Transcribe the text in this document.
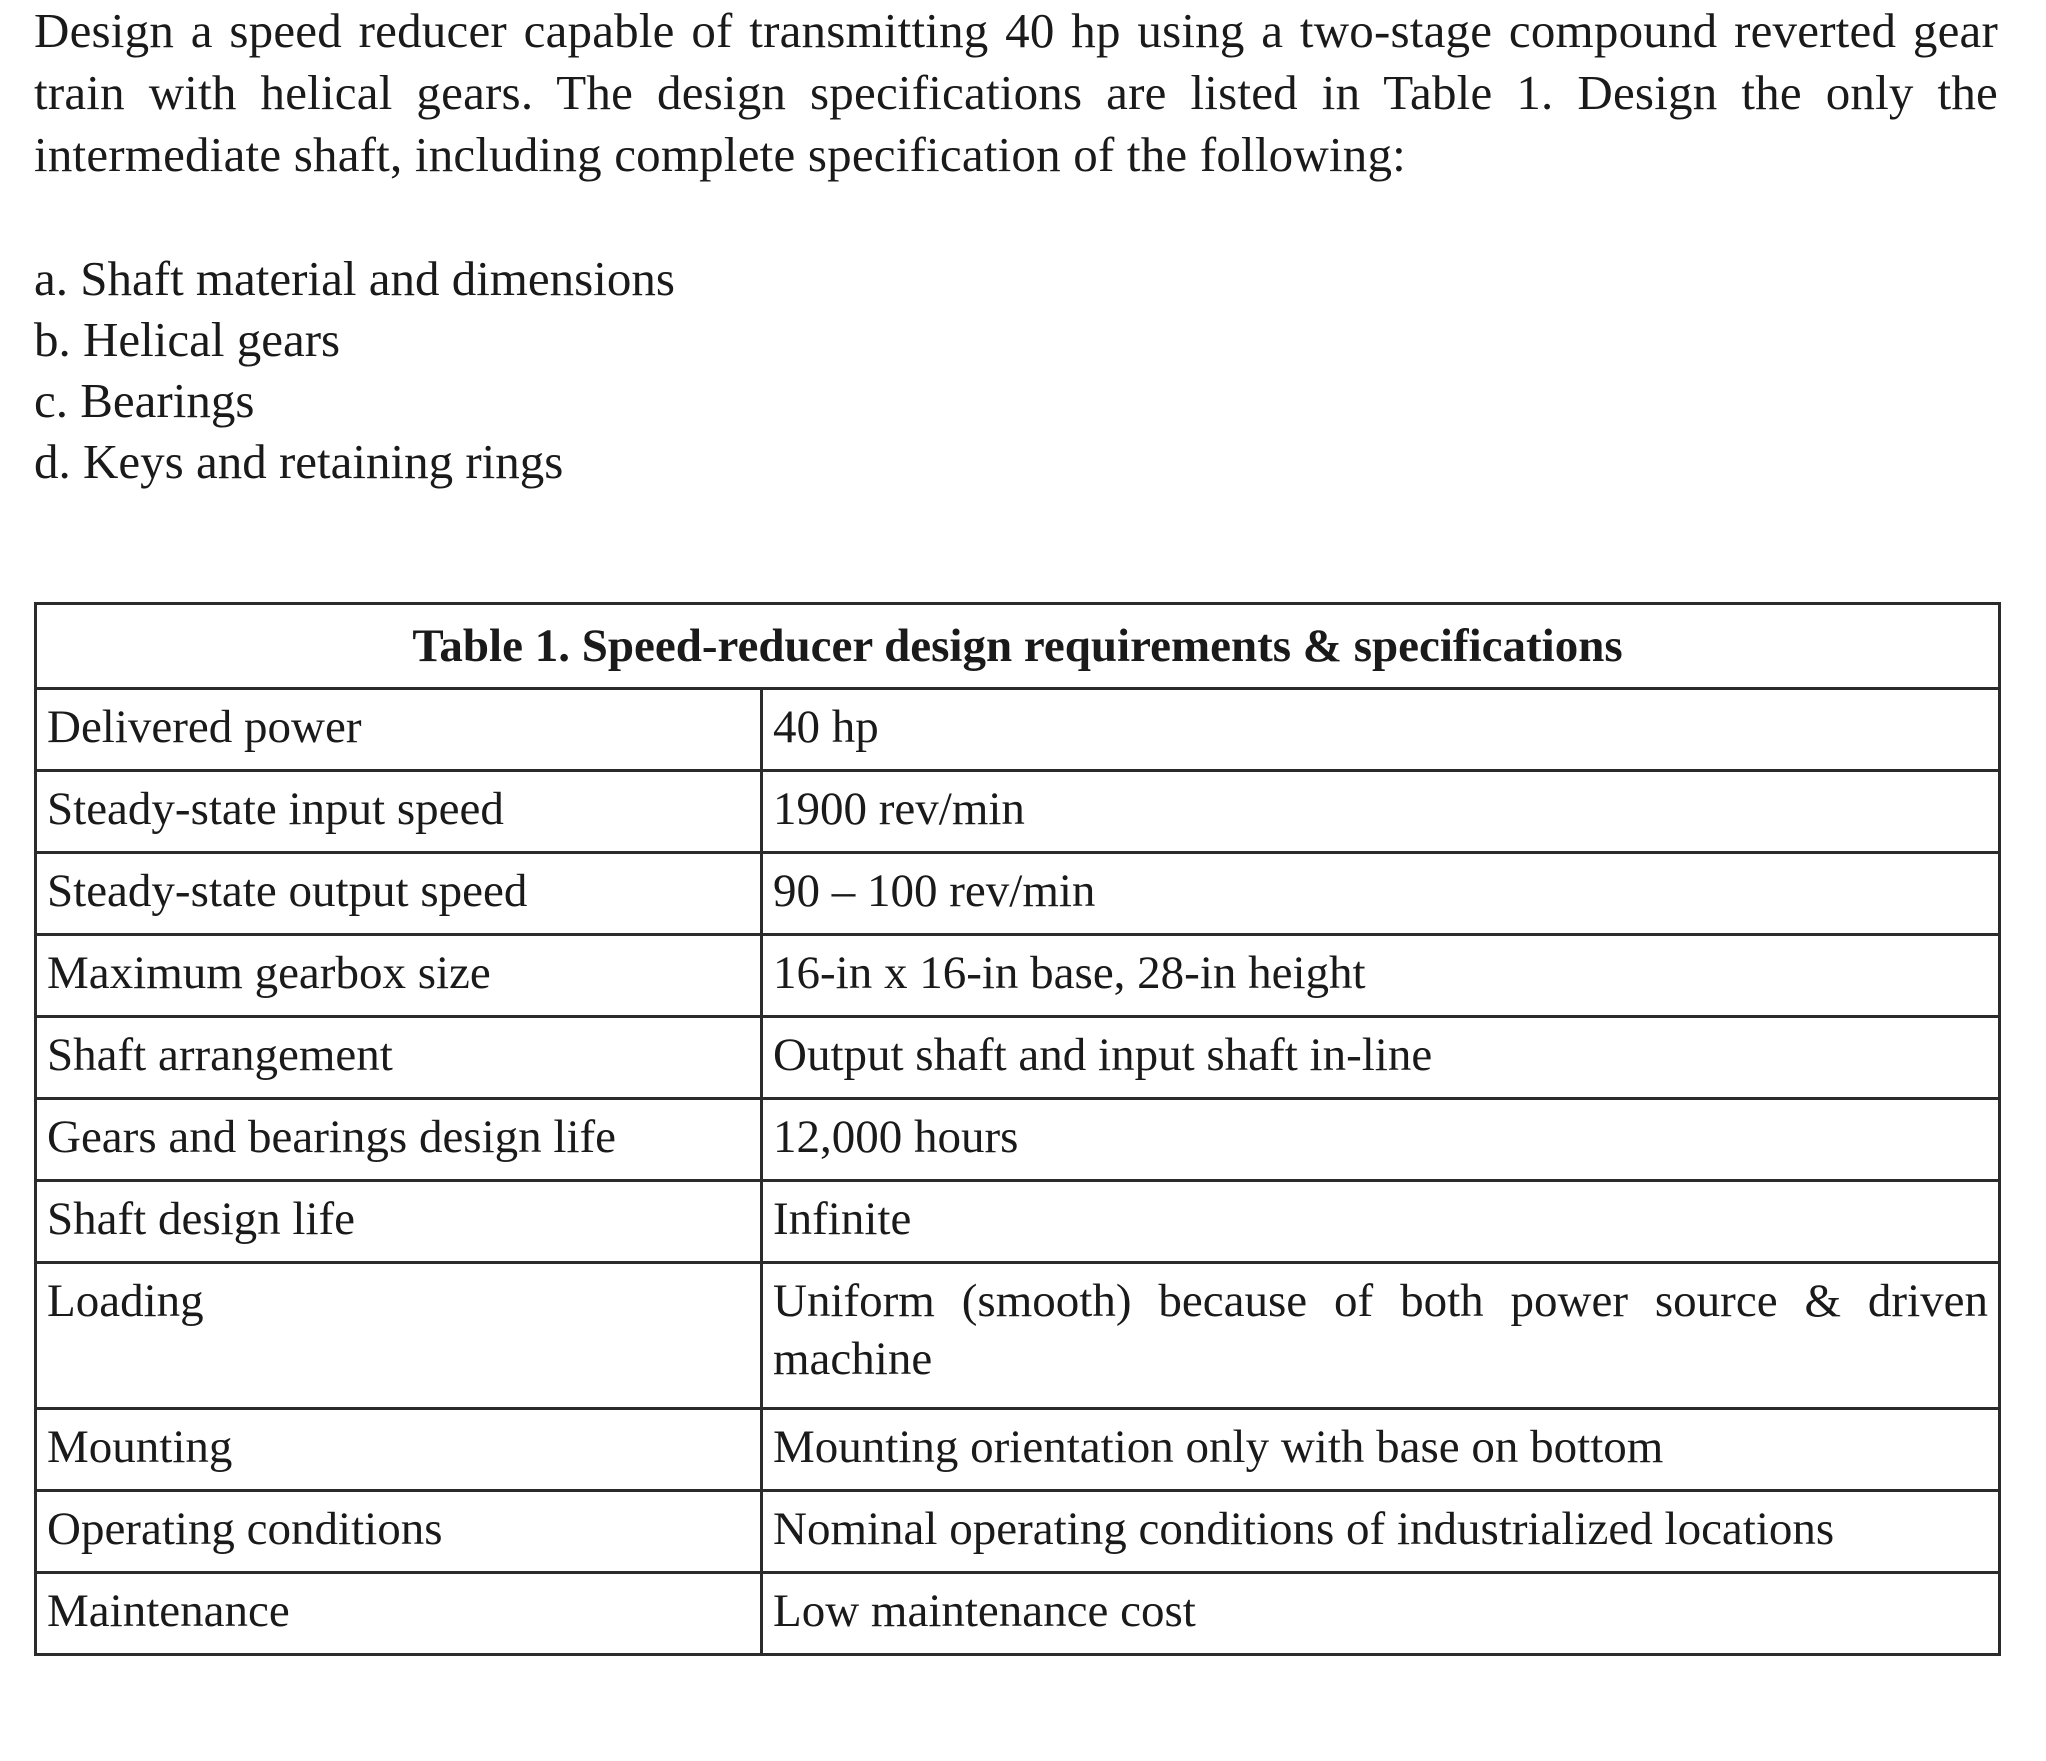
Design a speed reducer capable of transmitting 40 hp using a two-stage compound reverted gear train with helical gears. The design specifications are listed in Table 1. Design the only the intermediate shaft, including complete specification of the following:

a. Shaft material and dimensions
b. Helical gears
c. Bearings
d. Keys and retaining rings
Table 1. Speed-reducer design requirements & specifications	
Delivered power	40 hp
Steady-state input speed	1900 rev/min
Steady-state output speed	90 – 100 rev/min
Maximum gearbox size	16-in x 16-in base, 28-in height
Shaft arrangement	Output shaft and input shaft in-line
Gears and bearings design life	12,000 hours
Shaft design life	Infinite
Loading	Uniform (smooth) because of both power source & driven machine
Mounting	Mounting orientation only with base on bottom
Operating conditions	Nominal operating conditions of industrialized locations
Maintenance	Low maintenance cost
